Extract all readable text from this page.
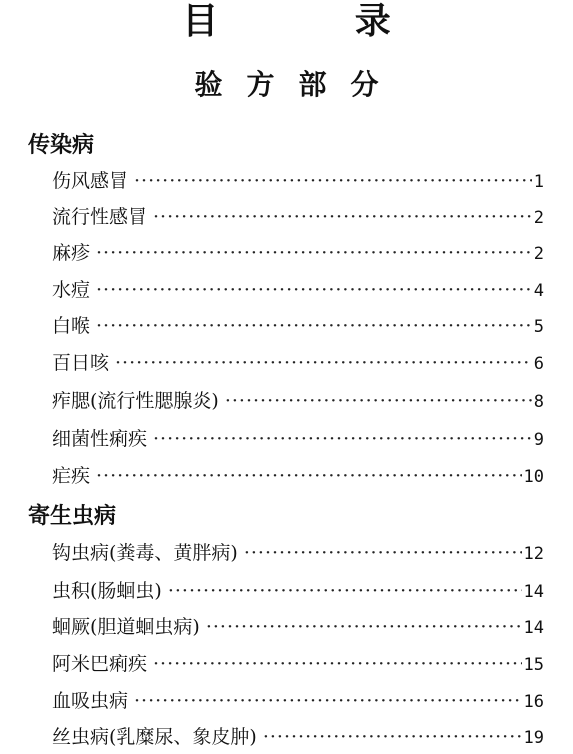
目 录
验方部分
传染病
伤风感冒 ·····	1
流行性感冒 ·····	2
麻疹 ·····	2
水痘 ·····	4
白喉 ·····	5
百日咳 ·····	6
痄腮(流行性腮腺炎) ·····	8
细菌性痢疾 ·····	9
疟疾 ·····	10
寄生虫病
钩虫病(粪毒、黄胖病) ·····	12
虫积(肠蛔虫) ·····	14
蛔厥(胆道蛔虫病) ·····	14
阿米巴痢疾 ·····	15
血吸虫病 ·····	16
丝虫病(乳糜尿、象皮肿) ·····	19
